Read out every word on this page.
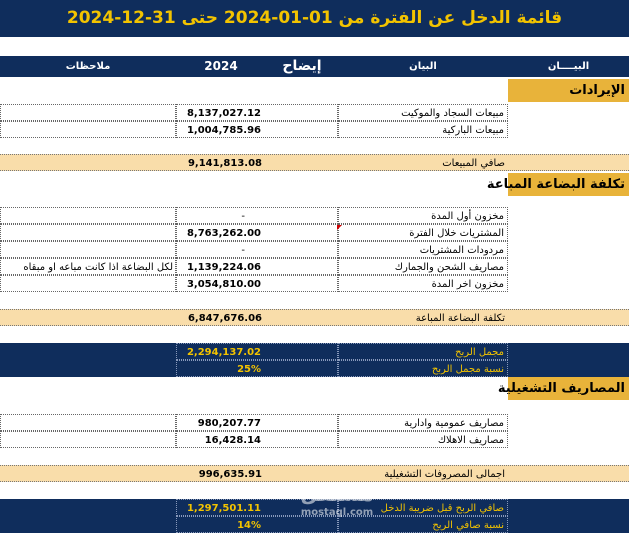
قائمة الدخل عن الفترة من 01-01-2024 حتى 31-12-2024
ملاحظات	2024	إيضاح	البيان	البيــــان
الإيرادات
8,137,027.12	مبيعات السجاد والموكيت
1,004,785.96	مبيعات الباركية
9,141,813.08	صافي المبيعات
تكلفة البضاعة المباعة
-	مخزون أول المدة
8,763,262.00	المشتريات خلال الفترة
-	مردودات المشتريات
لكل البضاعة اذا كانت مباعه او مبقاه	1,139,224.06	مصاريف الشحن والجمارك
3,054,810.00	مخزون اخر المدة
6,847,676.06	تكلفة البضاعة المباعة
2,294,137.02	مجمل الربح
25%	نسبة مجمل الربح
المصاريف التشغيلية
980,207.77	مصاريف عمومية وادارية
16,428.14	مصاريف الاهلاك
996,635.91	اجمالى المصروفات التشغيلية
1,297,501.11	صافي الربح قبل ضريبة الدخل
14%	نسبة صافي الربح
مستقل
mostaql.com
